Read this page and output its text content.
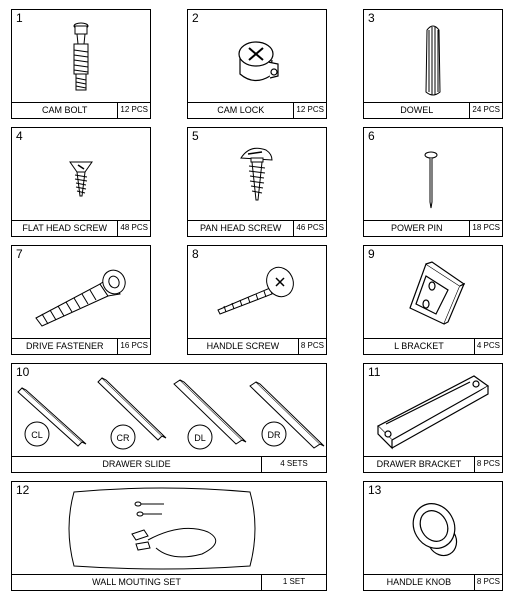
1
CAM BOLT	12 PCS
2
CAM LOCK	12 PCS
3
DOWEL	24 PCS
4
FLAT HEAD SCREW	48 PCS
5
PAN HEAD SCREW	46 PCS
6
POWER PIN	18 PCS
7
DRIVE FASTENER	16 PCS
8
HANDLE SCREW	8 PCS
9
L BRACKET	4 PCS
10
CL	CR	DL	DR
DRAWER SLIDE	4 SETS
11
DRAWER BRACKET	8 PCS
12
WALL MOUTING SET	1 SET
13
HANDLE KNOB	8 PCS
